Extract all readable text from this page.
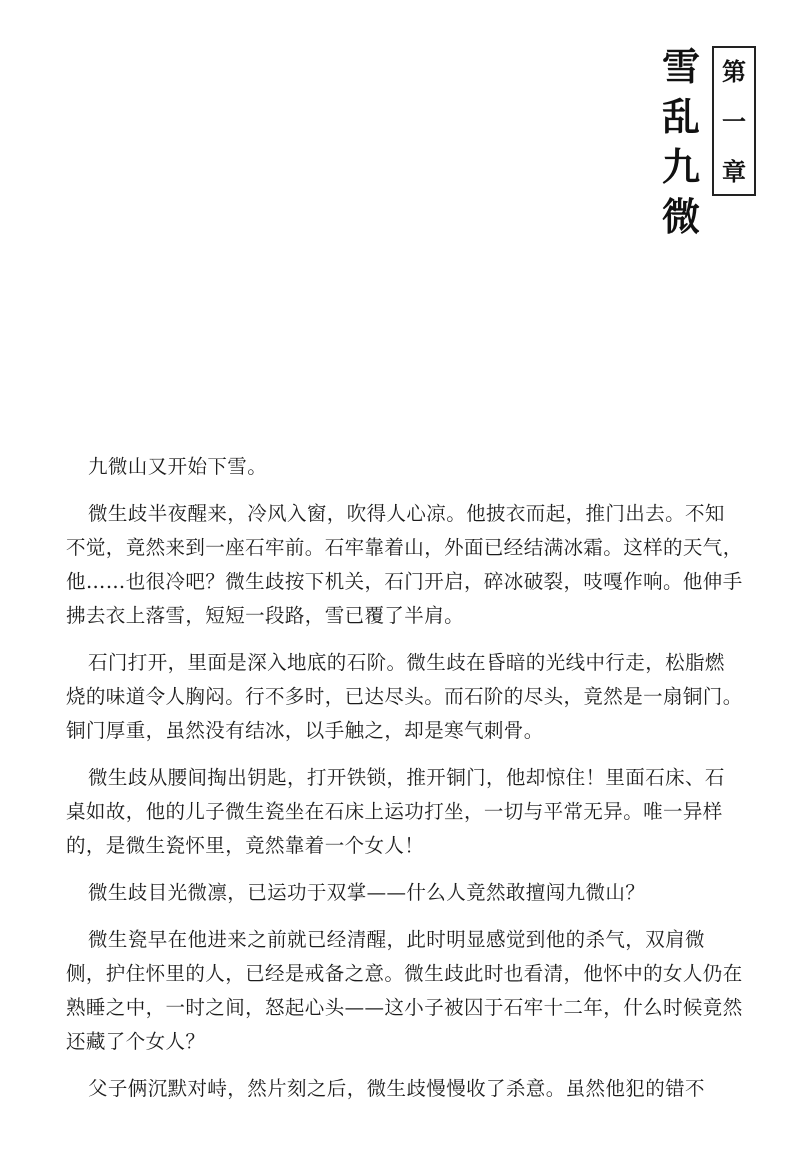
雪
乱
九
微
第
一
章

九微山又开始下雪。

微生歧半夜醒来，冷风入窗，吹得人心凉。他披衣而起，推门出去。不知
不觉，竟然来到一座石牢前。石牢靠着山，外面已经结满冰霜。这样的天气，
他……也很冷吧？微生歧按下机关，石门开启，碎冰破裂，吱嘎作响。他伸手
拂去衣上落雪，短短一段路，雪已覆了半肩。

石门打开，里面是深入地底的石阶。微生歧在昏暗的光线中行走，松脂燃
烧的味道令人胸闷。行不多时，已达尽头。而石阶的尽头，竟然是一扇铜门。
铜门厚重，虽然没有结冰，以手触之，却是寒气刺骨。

微生歧从腰间掏出钥匙，打开铁锁，推开铜门，他却惊住！里面石床、石
桌如故，他的儿子微生瓷坐在石床上运功打坐，一切与平常无异。唯一异样
的，是微生瓷怀里，竟然靠着一个女人！

微生歧目光微凛，已运功于双掌——什么人竟然敢擅闯九微山？

微生瓷早在他进来之前就已经清醒，此时明显感觉到他的杀气，双肩微
侧，护住怀里的人，已经是戒备之意。微生歧此时也看清，他怀中的女人仍在
熟睡之中，一时之间，怒起心头——这小子被囚于石牢十二年，什么时候竟然
还藏了个女人？

父子俩沉默对峙，然片刻之后，微生歧慢慢收了杀意。虽然他犯的错不
